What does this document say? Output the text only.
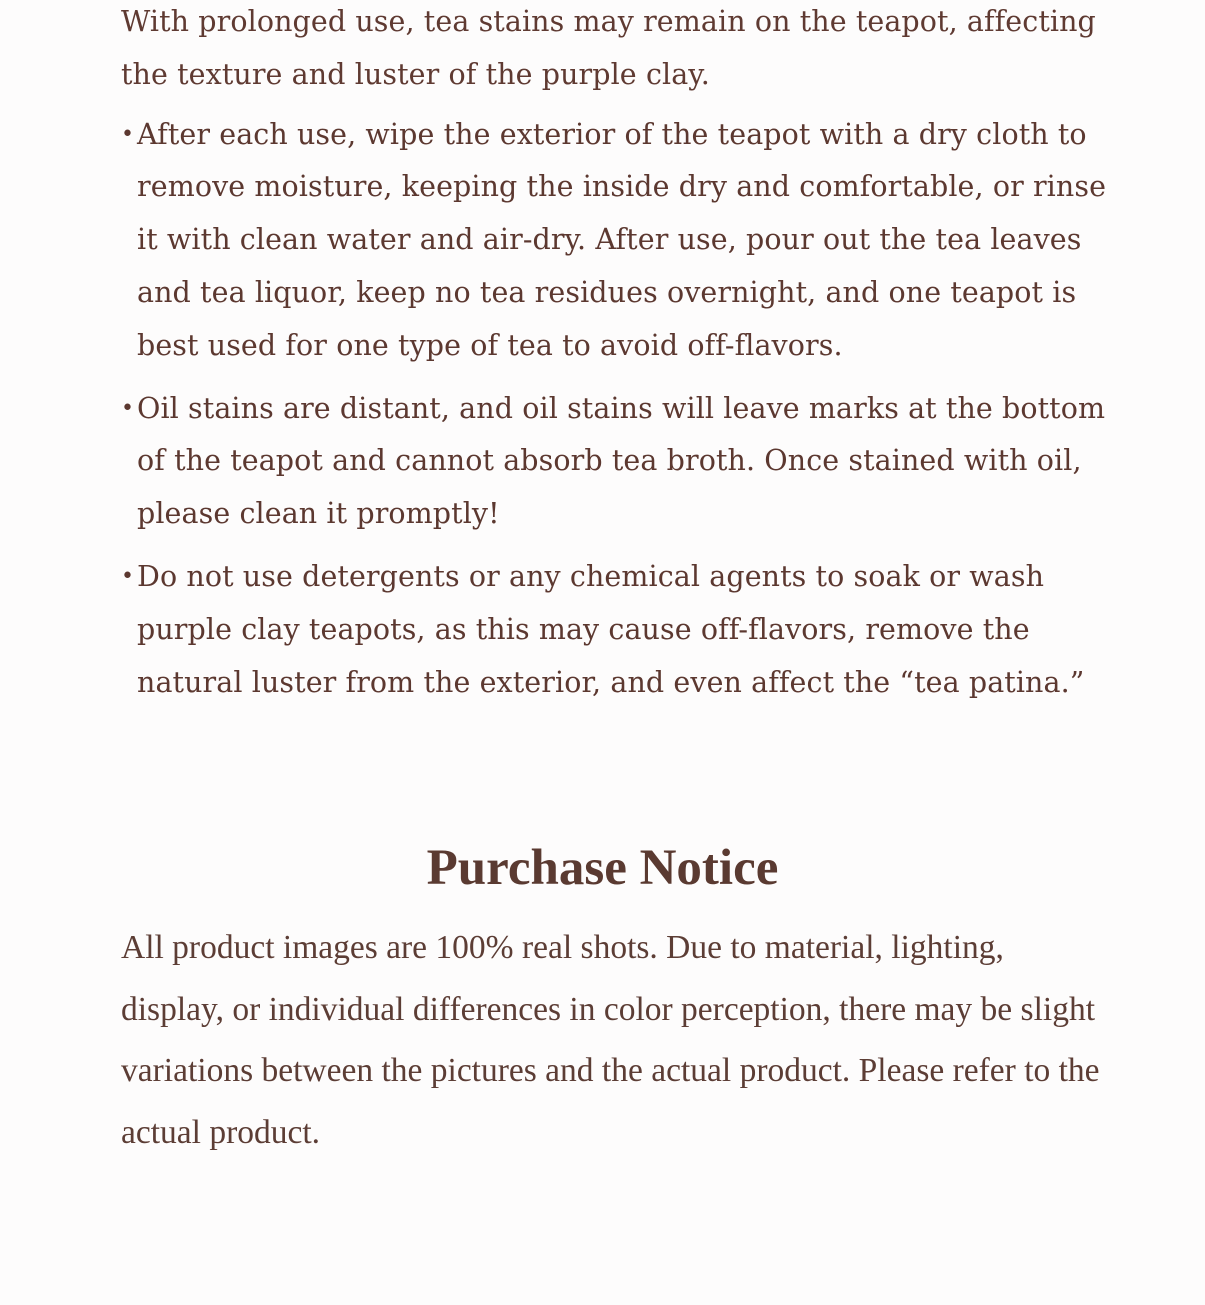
With prolonged use, tea stains may remain on the teapot, affecting the texture and luster of the purple clay.

• After each use, wipe the exterior of the teapot with a dry cloth to remove moisture, keeping the inside dry and comfortable, or rinse it with clean water and air-dry. After use, pour out the tea leaves and tea liquor, keep no tea residues overnight, and one teapot is best used for one type of tea to avoid off-flavors.
• Oil stains are distant, and oil stains will leave marks at the bottom of the teapot and cannot absorb tea broth. Once stained with oil, please clean it promptly!
• Do not use detergents or any chemical agents to soak or wash purple clay teapots, as this may cause off-flavors, remove the natural luster from the exterior, and even affect the “tea patina.”
Purchase Notice

All product images are 100% real shots. Due to material, lighting, display, or individual differences in color perception, there may be slight variations between the pictures and the actual product. Please refer to the actual product.
